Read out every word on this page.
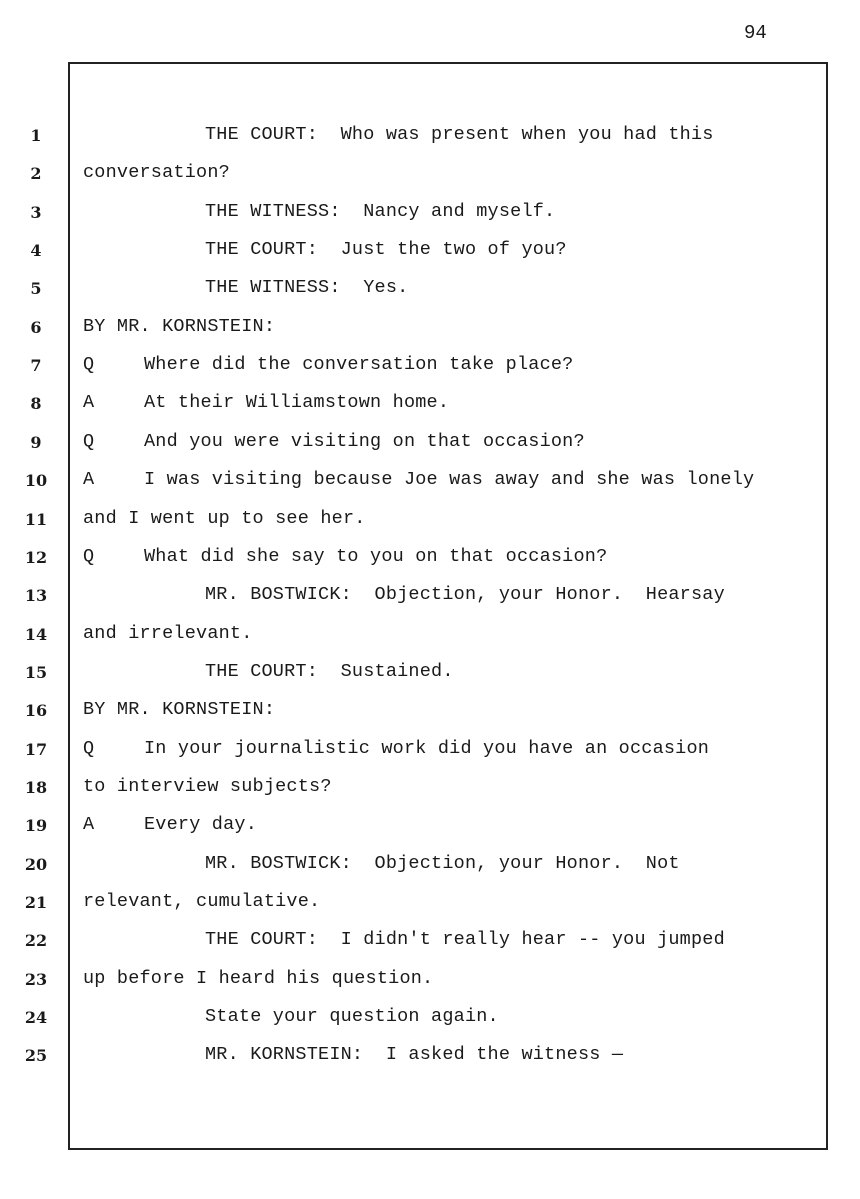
94
1	THE COURT:  Who was present when you had this
2	conversation?
3	THE WITNESS:  Nancy and myself.
4	THE COURT:  Just the two of you?
5	THE WITNESS:  Yes.
6	BY MR. KORNSTEIN:
7	Q	Where did the conversation take place?
8	A	At their Williamstown home.
9	Q	And you were visiting on that occasion?
10 A	I was visiting because Joe was away and she was lonely
11 and I went up to see her.
12 Q	What did she say to you on that occasion?
13	MR. BOSTWICK:  Objection, your Honor.  Hearsay
14 and irrelevant.
15	THE COURT:  Sustained.
16 BY MR. KORNSTEIN:
17 Q	In your journalistic work did you have an occasion
18 to interview subjects?
19 A	Every day.
20	MR. BOSTWICK:  Objection, your Honor.  Not
21 relevant, cumulative.
22	THE COURT:  I didn't really hear -- you jumped
23 up before I heard his question.
24	State your question again.
25	MR. KORNSTEIN:  I asked the witness —
